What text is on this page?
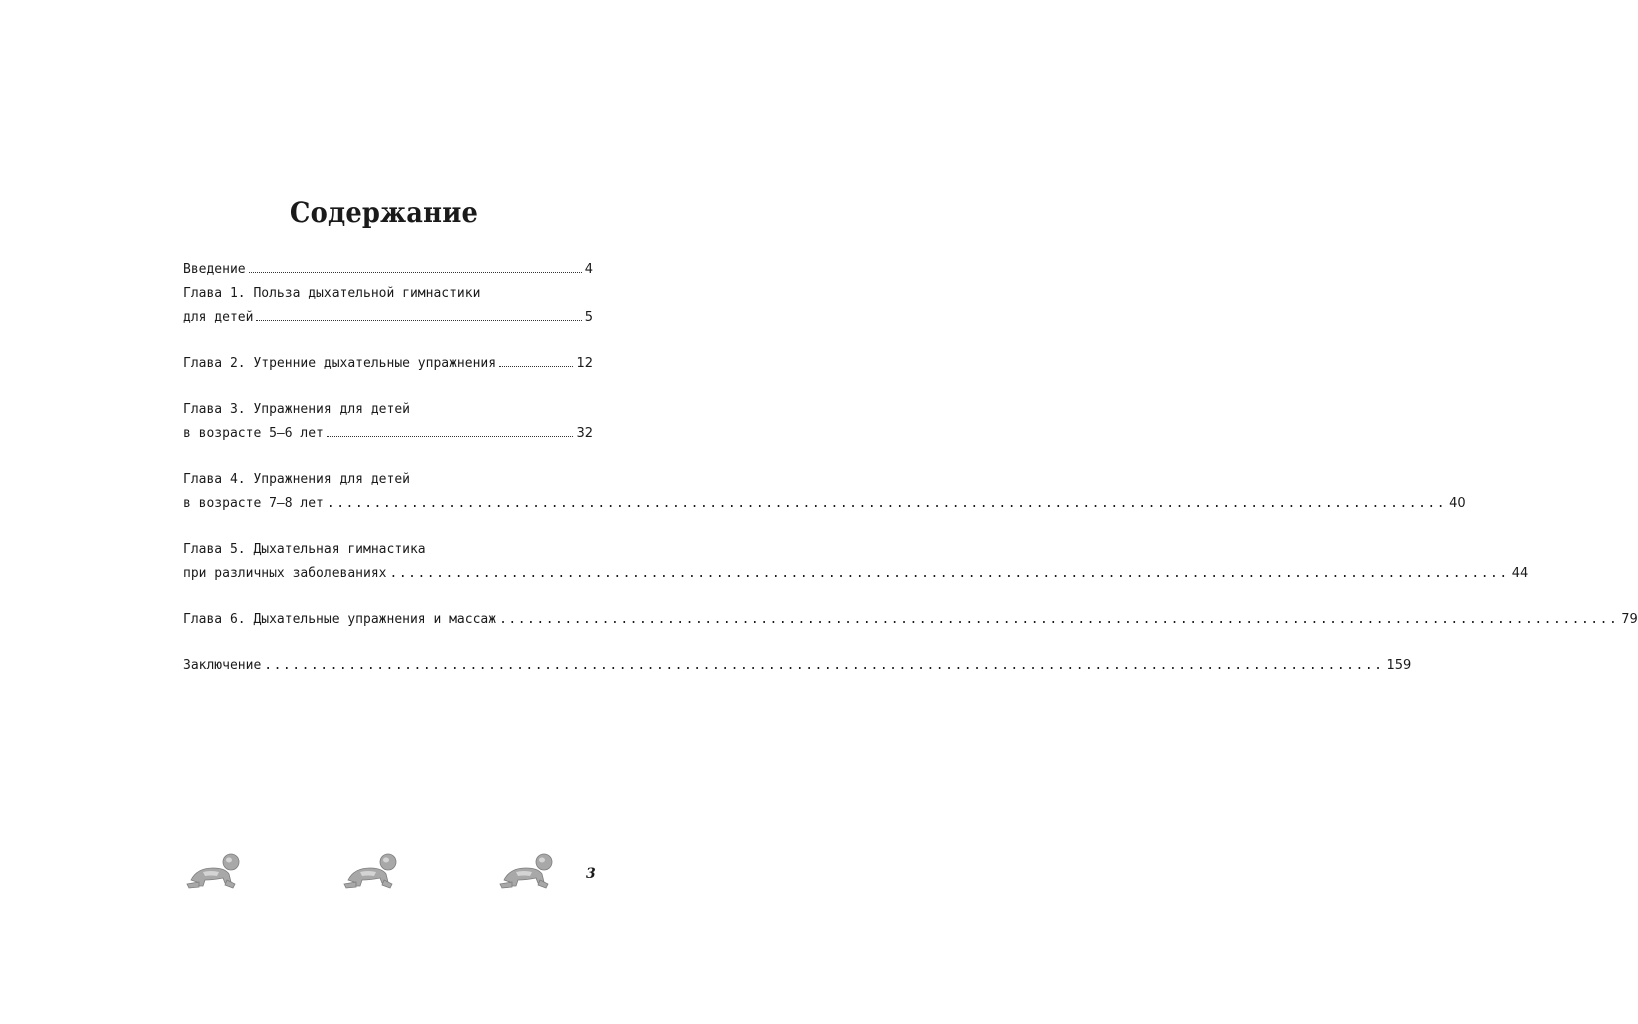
Содержание
Введение	4
Глава 1. Польза дыхательной гимнастики
для детей	5
Глава 2. Утренние дыхательные упражнения	12
Глава 3. Упражнения для детей
в возрасте 5—6 лет	32
Глава 4. Упражнения для детей
в возрасте 7—8 лет ........................................................................................................................ 40
Глава 5. Дыхательная гимнастика
при различных заболеваниях ........................................................................................................................ 44
Глава 6. Дыхательные упражнения и массаж ........................................................................................................................ 79
Заключение ........................................................................................................................ 159
3
